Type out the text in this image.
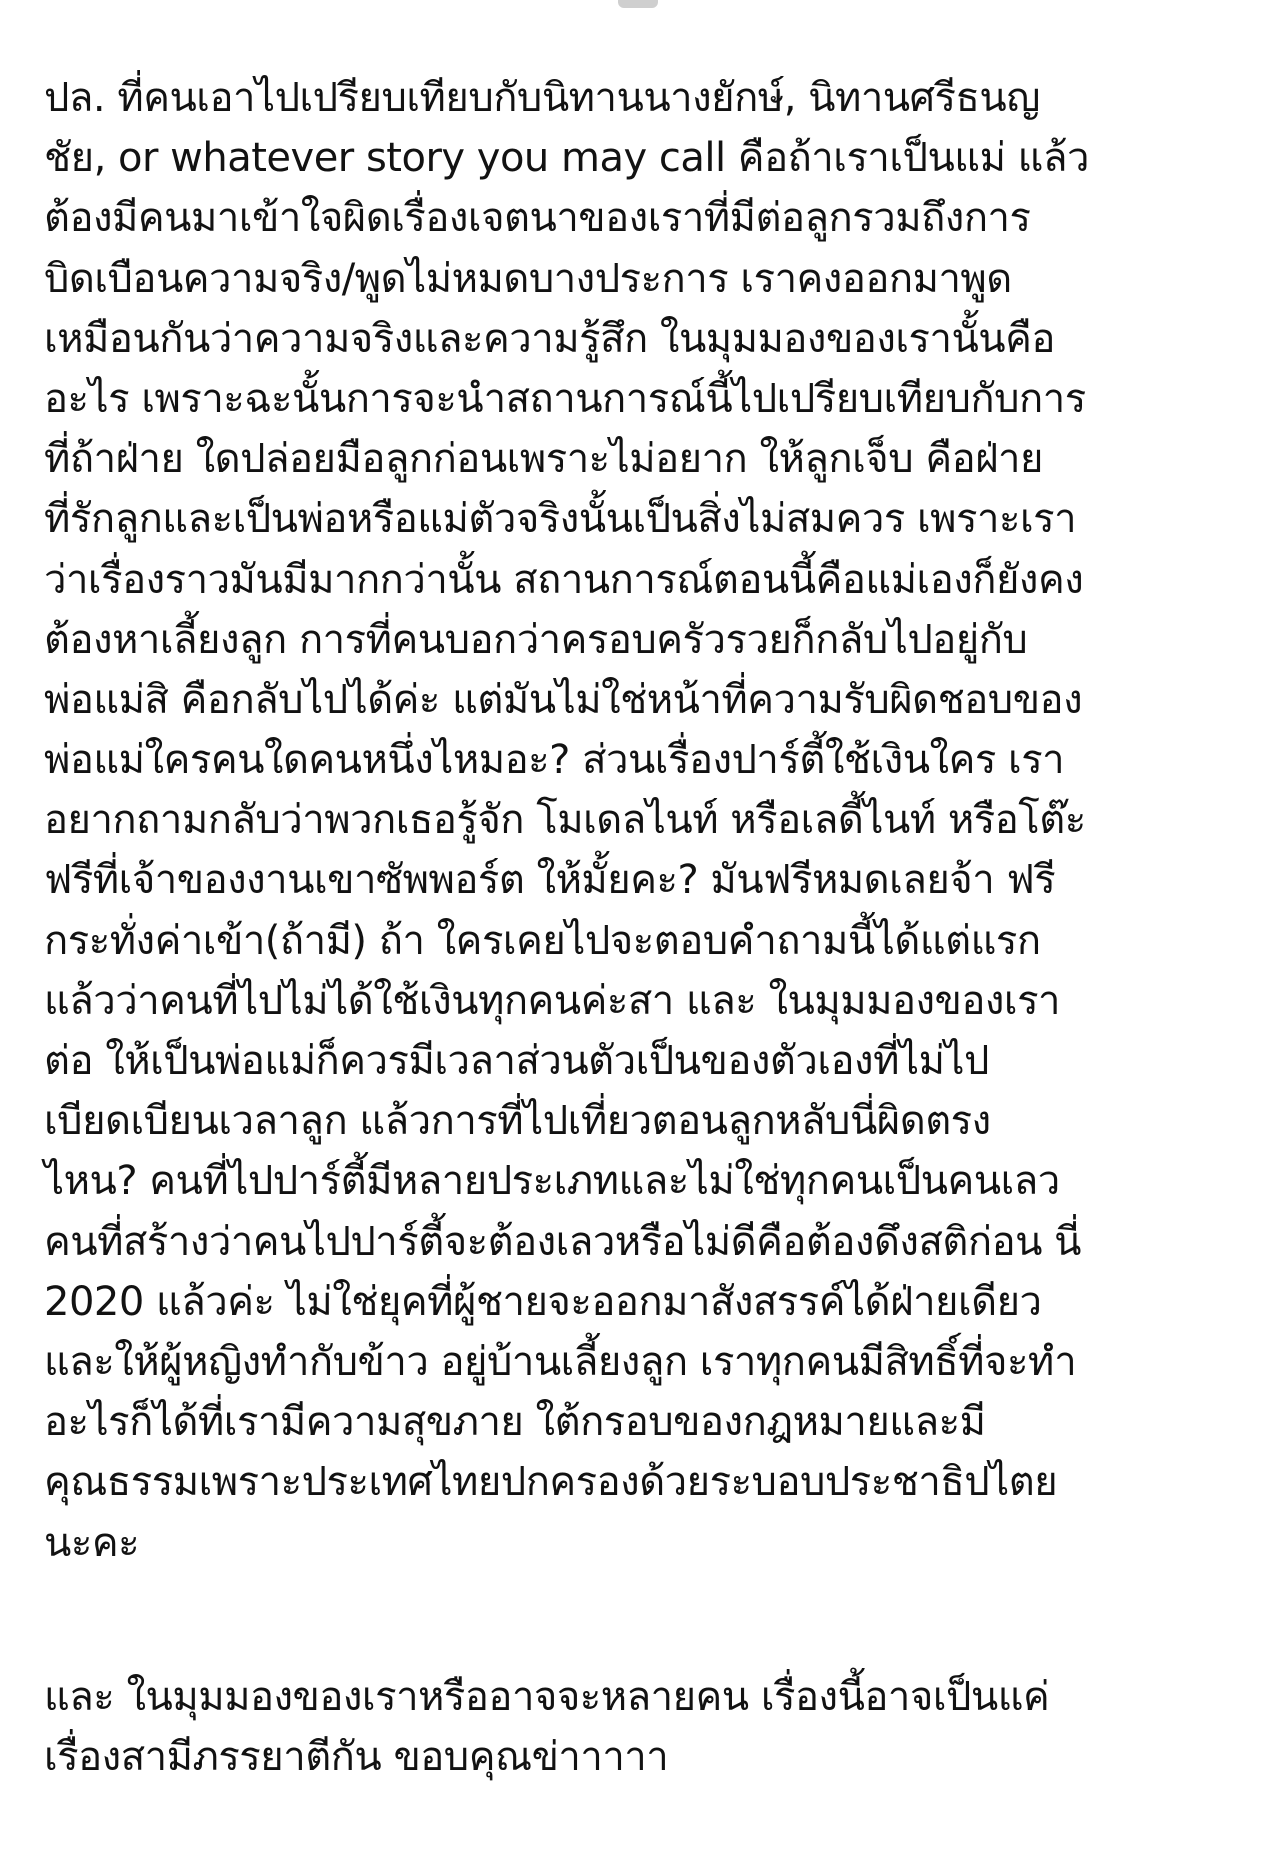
ปล. ที่คนเอาไปเปรียบเทียบกับนิทานนางยักษ์, นิทานศรีธนญ
ชัย, or whatever story you may call คือถ้าเราเป็นแม่ แล้ว
ต้องมีคนมาเข้าใจผิดเรื่องเจตนาของเราที่มีต่อลูกรวมถึงการ
บิดเบือนความจริง/พูดไม่หมดบางประการ เราคงออกมาพูด
เหมือนกันว่าความจริงและความรู้สึก ในมุมมองของเรานั้นคือ
อะไร เพราะฉะนั้นการจะนำสถานการณ์นี้ไปเปรียบเทียบกับการ
ที่ถ้าฝ่าย ใดปล่อยมือลูกก่อนเพราะไม่อยาก ให้ลูกเจ็บ คือฝ่าย
ที่รักลูกและเป็นพ่อหรือแม่ตัวจริงนั้นเป็นสิ่งไม่สมควร เพราะเรา
ว่าเรื่องราวมันมีมากกว่านั้น สถานการณ์ตอนนี้คือแม่เองก็ยังคง
ต้องหาเลี้ยงลูก การที่คนบอกว่าครอบครัวรวยก็กลับไปอยู่กับ
พ่อแม่สิ คือกลับไปได้ค่ะ แต่มันไม่ใช่หน้าที่ความรับผิดชอบของ
พ่อแม่ใครคนใดคนหนึ่งไหมอะ? ส่วนเรื่องปาร์ตี้ใช้เงินใคร เรา
อยากถามกลับว่าพวกเธอรู้จัก โมเดลไนท์ หรือเลดี้ไนท์ หรือโต๊ะ
ฟรีที่เจ้าของงานเขาซัพพอร์ต ให้มั้ยคะ? มันฟรีหมดเลยจ้า ฟรี
กระทั่งค่าเข้า(ถ้ามี) ถ้า ใครเคยไปจะตอบคำถามนี้ได้แต่แรก
แล้วว่าคนที่ไปไม่ได้ใช้เงินทุกคนค่ะสา และ ในมุมมองของเรา
ต่อ ให้เป็นพ่อแม่ก็ควรมีเวลาส่วนตัวเป็นของตัวเองที่ไม่ไป
เบียดเบียนเวลาลูก แล้วการที่ไปเที่ยวตอนลูกหลับนี่ผิดตรง
ไหน? คนที่ไปปาร์ตี้มีหลายประเภทและไม่ใช่ทุกคนเป็นคนเลว
คนที่สร้างว่าคนไปปาร์ตี้จะต้องเลวหรือไม่ดีคือต้องดึงสติก่อน นี่
2020 แล้วค่ะ ไม่ใช่ยุคที่ผู้ชายจะออกมาสังสรรค์ได้ฝ่ายเดียว
และให้ผู้หญิงทำกับข้าว อยู่บ้านเลี้ยงลูก เราทุกคนมีสิทธิ์ที่จะทำ
อะไรก็ได้ที่เรามีความสุขภาย ใต้กรอบของกฎหมายและมี
คุณธรรมเพราะประเทศไทยปกครองด้วยระบอบประชาธิปไตย
นะคะ
และ ในมุมมองของเราหรืออาจจะหลายคน เรื่องนี้อาจเป็นแค่
เรื่องสามีภรรยาตีกัน ขอบคุณข่าาาาา
